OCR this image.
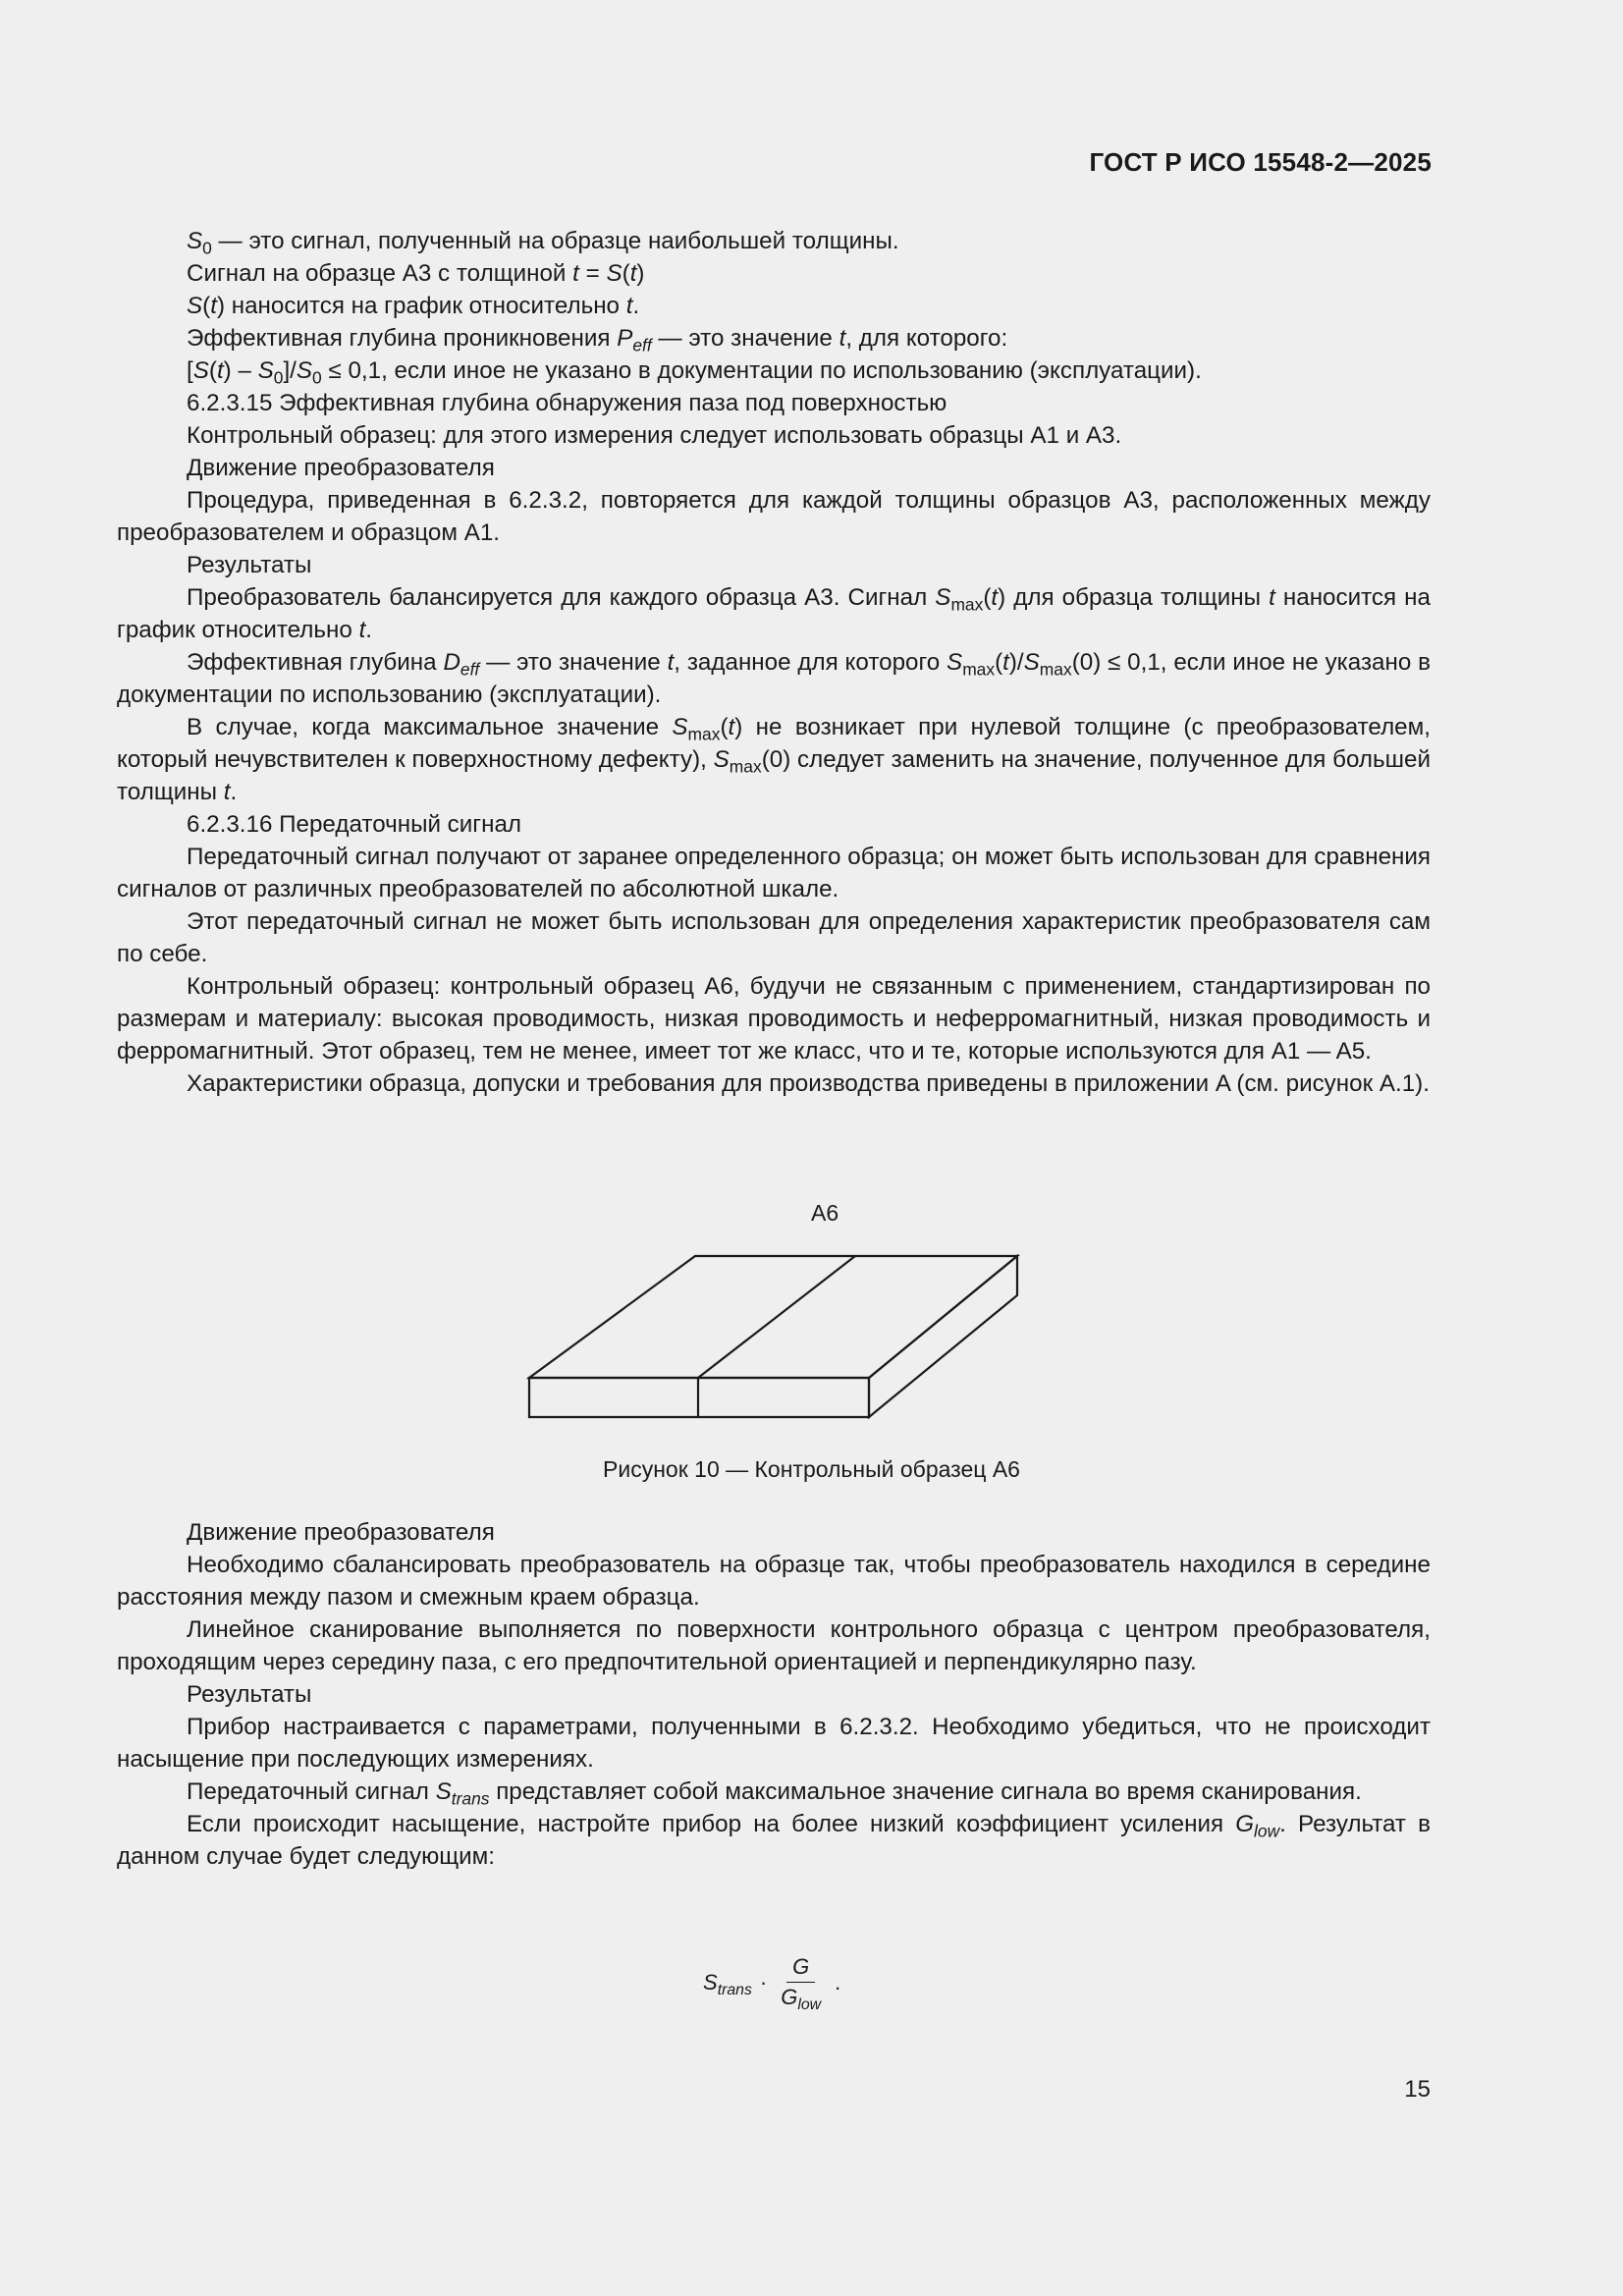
ГОСТ Р ИСО 15548-2—2025

$S_0$ — это сигнал, полученный на образце наибольшей толщины.

Сигнал на образце A3 с толщиной t = S(t)

S(t) наносится на график относительно t.

Эффективная глубина проникновения $P_{eff}$ — это значение t, для которого:

$[S(t) - S_0]/S_0 \le 0,1$, если иное не указано в документации по использованию (эксплуатации).

6.2.3.15 Эффективная глубина обнаружения паза под поверхностью

Контрольный образец: для этого измерения следует использовать образцы A1 и A3.

Движение преобразователя

Процедура, приведенная в 6.2.3.2, повторяется для каждой толщины образцов A3, расположенных между преобразователем и образцом A1.

Результаты

Преобразователь балансируется для каждого образца A3. Сигнал $S_{max}(t)$ для образца толщины t наносится на график относительно t.

Эффективная глубина $D_{eff}$ — это значение t, заданное для которого $S_{max}(t)/S_{max}(0) \le 0,1$, если иное не указано в документации по использованию (эксплуатации).

В случае, когда максимальное значение $S_{max}(t)$ не возникает при нулевой толщине (с преобразователем, который нечувствителен к поверхностному дефекту), $S_{max}(0)$ следует заменить на значение, полученное для большей толщины t.

6.2.3.16 Передаточный сигнал

Передаточный сигнал получают от заранее определенного образца; он может быть использован для сравнения сигналов от различных преобразователей по абсолютной шкале.

Этот передаточный сигнал не может быть использован для определения характеристик преобразователя сам по себе.

Контрольный образец: контрольный образец A6, будучи не связанным с применением, стандартизирован по размерам и материалу: высокая проводимость, низкая проводимость и неферромагнитный, низкая проводимость и ферромагнитный. Этот образец, тем не менее, имеет тот же класс, что и те, которые используются для A1 — A5.

Характеристики образца, допуски и требования для производства приведены в приложении A (см. рисунок A.1).

A6
Рисунок 10 — Контрольный образец A6

Движение преобразователя

Необходимо сбалансировать преобразователь на образце так, чтобы преобразователь находился в середине расстояния между пазом и смежным краем образца.

Линейное сканирование выполняется по поверхности контрольного образца с центром преобразователя, проходящим через середину паза, с его предпочтительной ориентацией и перпендикулярно пазу.

Результаты

Прибор настраивается с параметрами, полученными в 6.2.3.2. Необходимо убедиться, что не происходит насыщение при последующих измерениях.

Передаточный сигнал $S_{trans}$ представляет собой максимальное значение сигнала во время сканирования.

Если происходит насыщение, настройте прибор на более низкий коэффициент усиления $G_{low}$. Результат в данном случае будет следующим:

$S_{trans} \cdot \frac{G}{G_{low}}$ .
15
